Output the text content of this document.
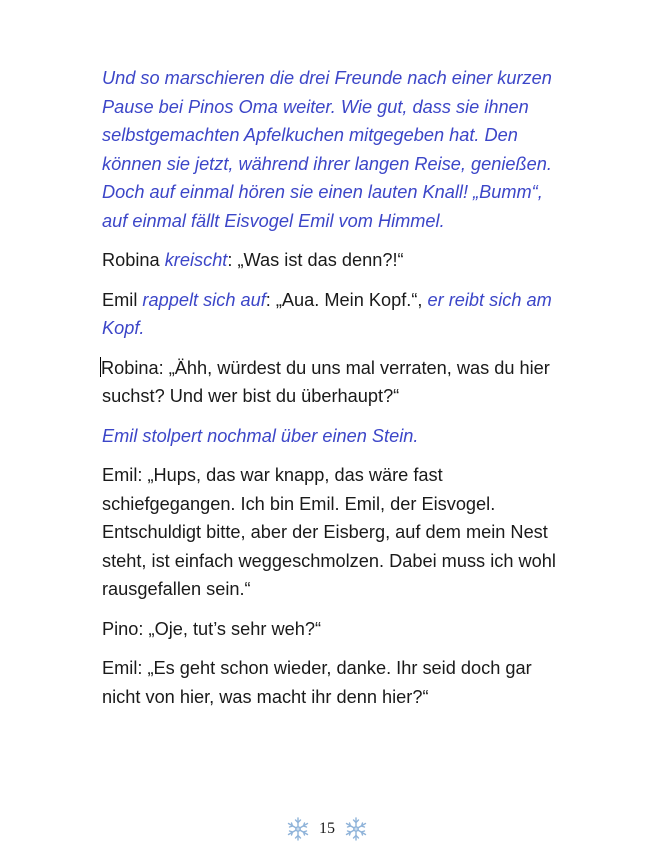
Und so marschieren die drei Freunde nach einer kurzen Pause bei Pinos Oma weiter. Wie gut, dass sie ihnen selbstgemachten Apfelkuchen mitgegeben hat. Den können sie jetzt, während ihrer langen Reise, genießen. Doch auf einmal hören sie einen lauten Knall! „Bumm“, auf einmal fällt Eisvogel Emil vom Himmel.

Robina kreischt: „Was ist das denn?!“

Emil rappelt sich auf: „Aua. Mein Kopf.“, er reibt sich am Kopf.

Robina: „Ähh, würdest du uns mal verraten, was du hier suchst? Und wer bist du überhaupt?“

Emil stolpert nochmal über einen Stein.

Emil: „Hups, das war knapp, das wäre fast schiefgegangen. Ich bin Emil. Emil, der Eisvogel. Entschuldigt bitte, aber der Eisberg, auf dem mein Nest steht, ist einfach weggeschmolzen. Dabei muss ich wohl rausgefallen sein.“

Pino: „Oje, tut’s sehr weh?“

Emil: „Es geht schon wieder, danke. Ihr seid doch gar nicht von hier, was macht ihr denn hier?“

15
